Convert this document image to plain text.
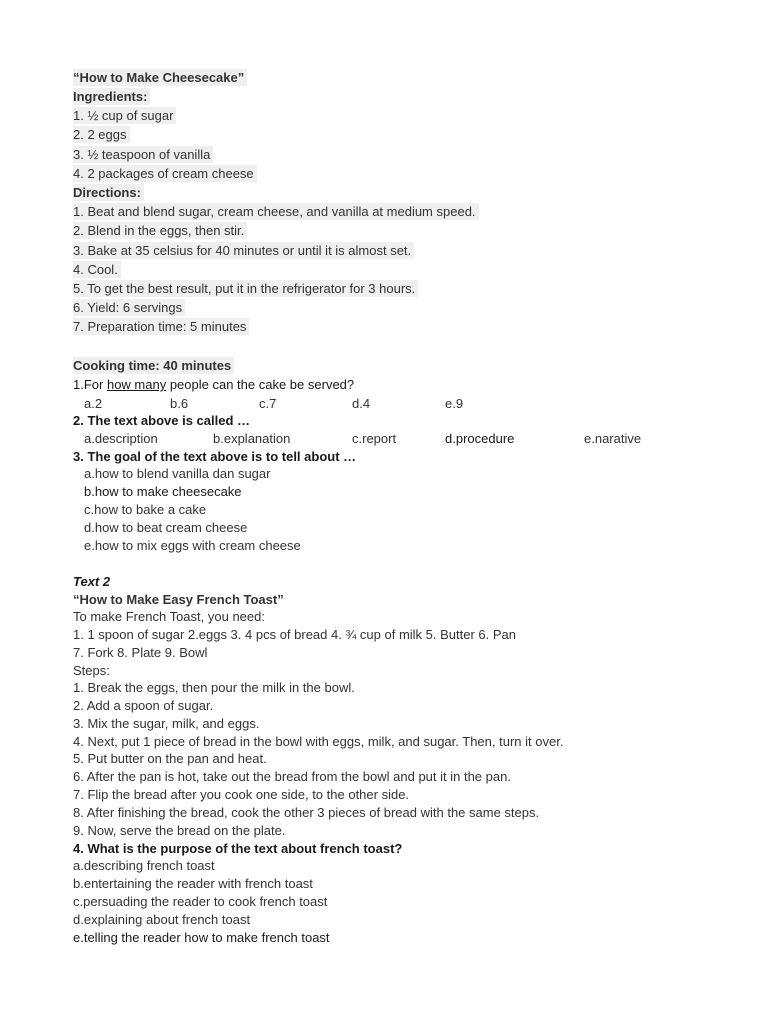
“How to Make Cheesecake”
Ingredients:
1. ½ cup of sugar
2. 2 eggs
3. ½ teaspoon of vanilla
4. 2 packages of cream cheese
Directions:
1. Beat and blend sugar, cream cheese, and vanilla at medium speed.
2. Blend in the eggs, then stir.
3. Bake at 35 celsius for 40 minutes or until it is almost set.
4. Cool.
5. To get the best result, put it in the refrigerator for 3 hours.
6. Yield: 6 servings
7. Preparation time: 5 minutes
Cooking time: 40 minutes
1.For how many people can the cake be served?
a.2	b.6	c.7	d.4	e.9
2. The text above is called …
a.description	b.explanation	c.report	d.procedure	e.narative
3. The goal of the text above is to tell about …
a.how to blend vanilla dan sugar
b.how to make cheesecake
c.how to bake a cake
d.how to beat cream cheese
e.how to mix eggs with cream cheese
Text 2
“How to Make Easy French Toast”
To make French Toast, you need:
1. 1 spoon of sugar 2.eggs 3. 4 pcs of bread 4. ¾ cup of milk 5. Butter 6. Pan
7. Fork 8. Plate 9. Bowl
Steps:
1. Break the eggs, then pour the milk in the bowl.
2. Add a spoon of sugar.
3. Mix the sugar, milk, and eggs.
4. Next, put 1 piece of bread in the bowl with eggs, milk, and sugar. Then, turn it over.
5. Put butter on the pan and heat.
6. After the pan is hot, take out the bread from the bowl and put it in the pan.
7. Flip the bread after you cook one side, to the other side.
8. After finishing the bread, cook the other 3 pieces of bread with the same steps.
9. Now, serve the bread on the plate.
4. What is the purpose of the text about french toast?
a.describing french toast
b.entertaining the reader with french toast
c.persuading the reader to cook french toast
d.explaining about french toast
e.telling the reader how to make french toast
